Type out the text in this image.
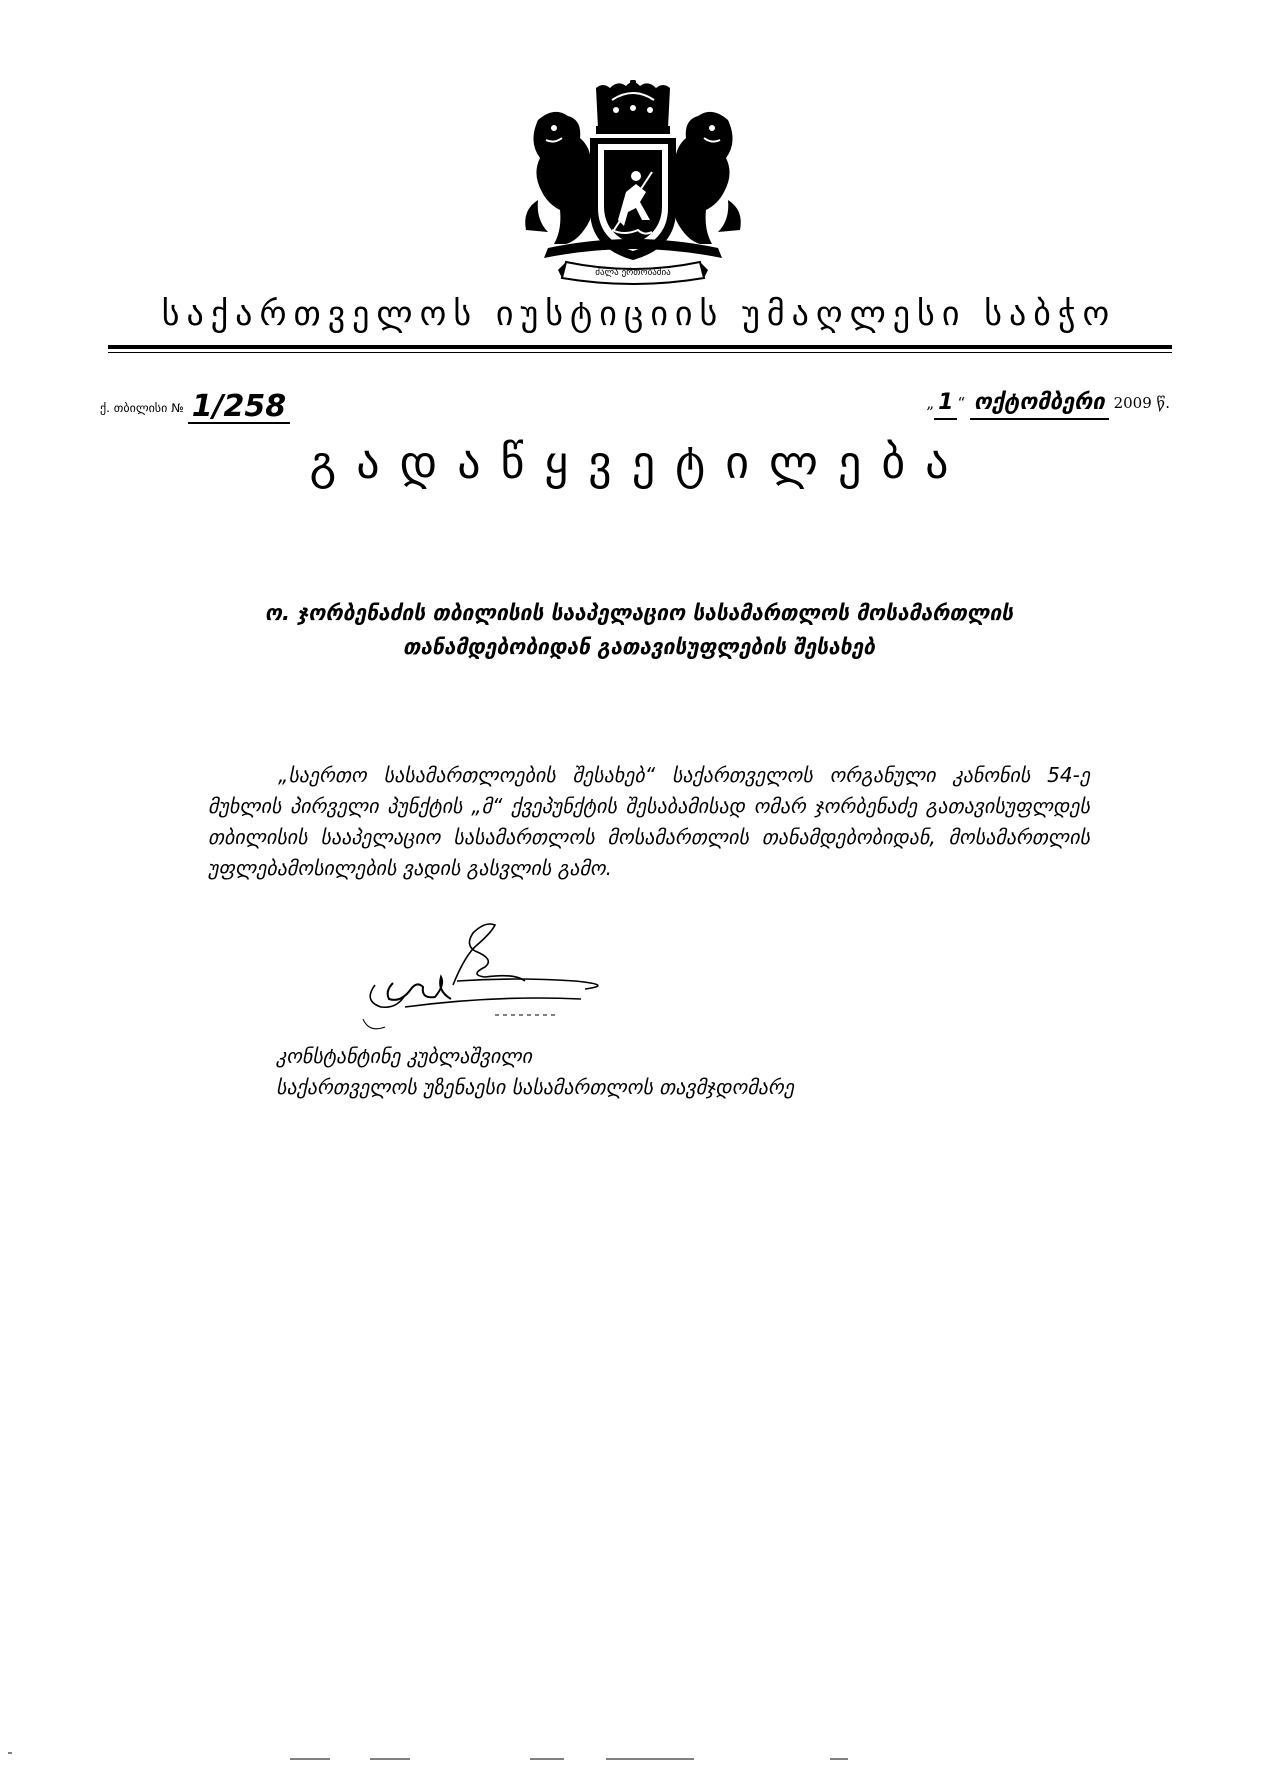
ძალა ერთობაშია
საქართველოს იუსტიციის უმაღლესი საბჭო
ქ. თბილისი № 1/258	„ 1 “ ოქტომბერი 2009 წ.
გადაწყვეტილება
ო. ჯორბენაძის თბილისის სააპელაციო სასამართლოს მოსამართლის
თანამდებობიდან გათავისუფლების შესახებ
„საერთო სასამართლოების შესახებ“ საქართველოს ორგანული კანონის 54-ე მუხლის პირველი პუნქტის „მ“ ქვეპუნქტის შესაბამისად ომარ ჯორბენაძე გათავისუფლდეს თბილისის სააპელაციო სასამართლოს მოსამართლის თანამდებობიდან, მოსამართლის უფლებამოსილების ვადის გასვლის გამო.
კონსტანტინე კუბლაშვილი
საქართველოს უზენაესი სასამართლოს თავმჯდომარე
